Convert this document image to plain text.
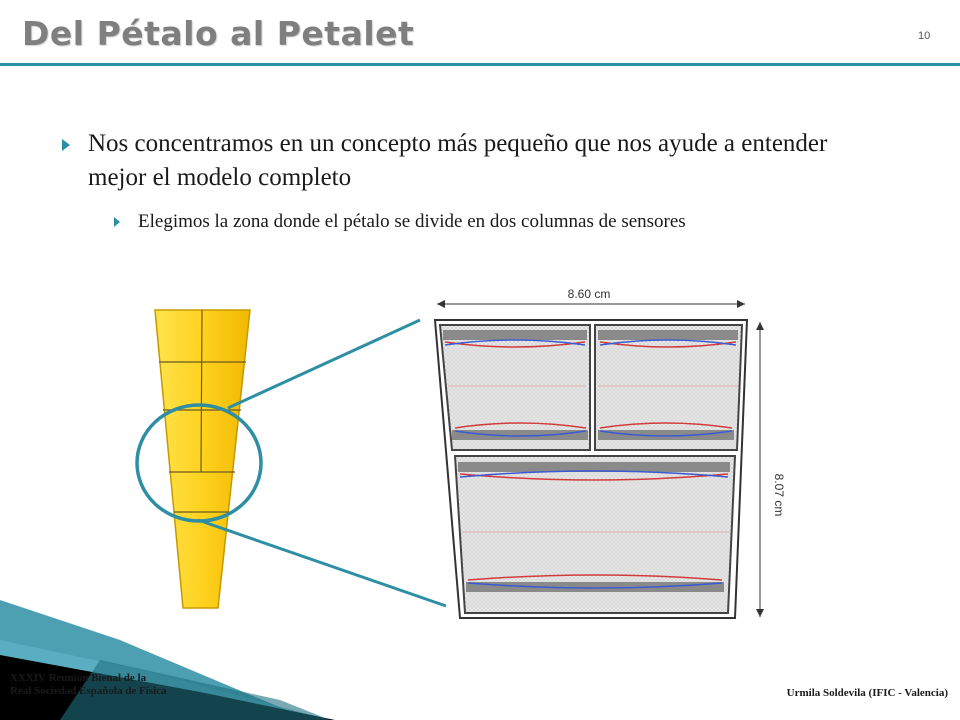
Del Pétalo al Petalet	10
Nos concentramos en un concepto más pequeño que nos ayude a entender mejor el modelo completo
Elegimos la zona donde el pétalo se divide en dos columnas de sensores
8.60 cm
8.07 cm
XXXIV Reunión Bienal de la
Real Sociedad Española de Física	Urmila Soldevila (IFIC - Valencia)
